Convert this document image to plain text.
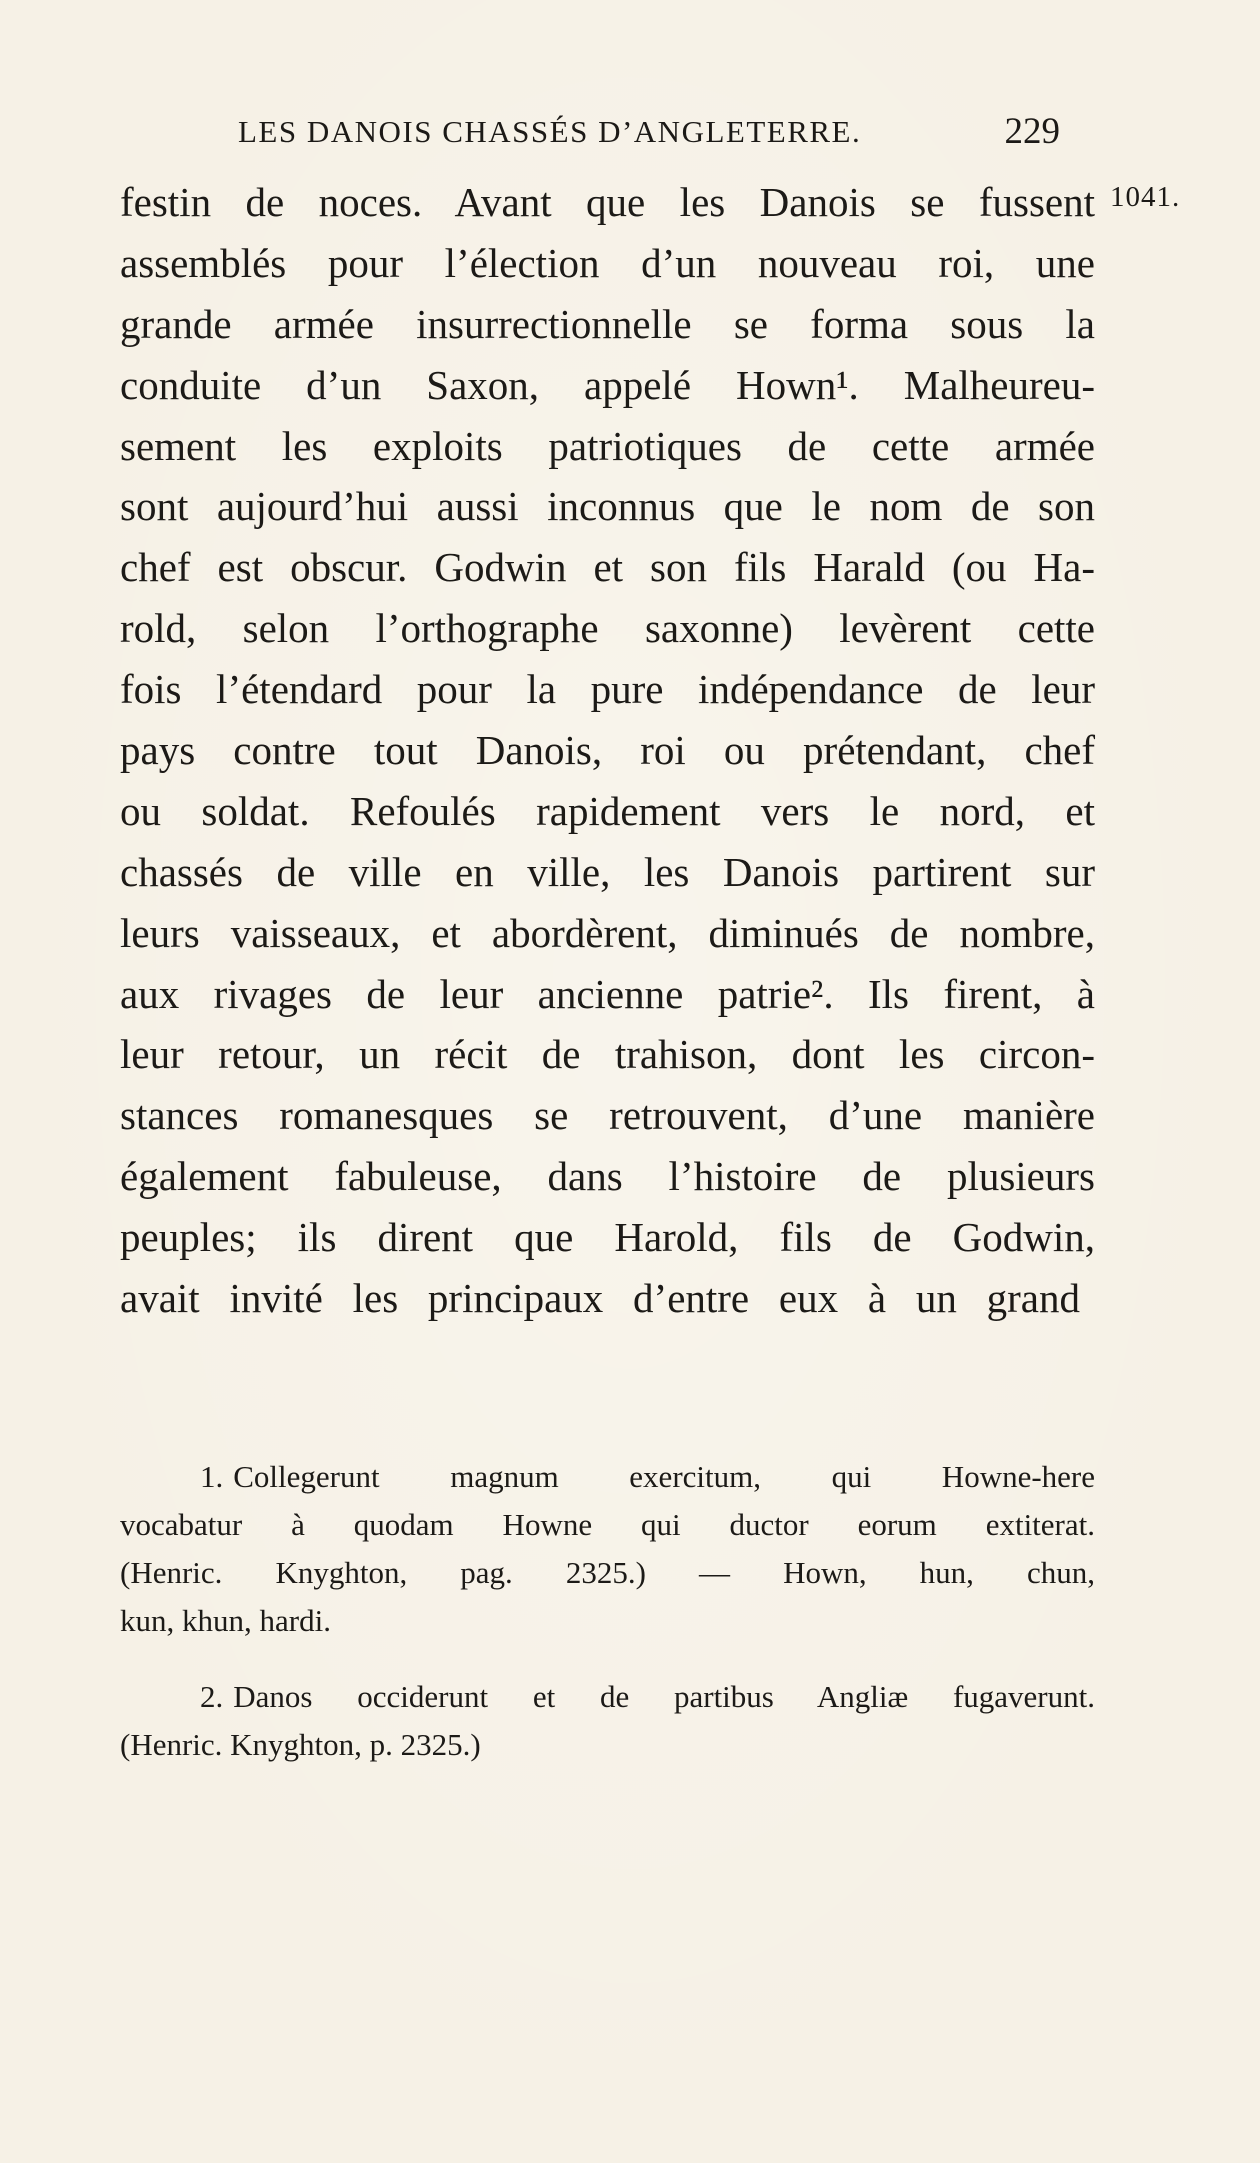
LES DANOIS CHASSÉS D’ANGLETERRE.	229
1041.
festin de noces. Avant que les Danois se fussent
assemblés pour l’élection d’un nouveau roi, une
grande armée insurrectionnelle se forma sous la
conduite d’un Saxon, appelé Hown¹. Malheureu-
sement les exploits patriotiques de cette armée
sont aujourd’hui aussi inconnus que le nom de son
chef est obscur. Godwin et son fils Harald (ou Ha-
rold, selon l’orthographe saxonne) levèrent cette
fois l’étendard pour la pure indépendance de leur
pays contre tout Danois, roi ou prétendant, chef
ou soldat. Refoulés rapidement vers le nord, et
chassés de ville en ville, les Danois partirent sur
leurs vaisseaux, et abordèrent, diminués de nombre,
aux rivages de leur ancienne patrie². Ils firent, à
leur retour, un récit de trahison, dont les circon-
stances romanesques se retrouvent, d’une manière
également fabuleuse, dans l’histoire de plusieurs
peuples; ils dirent que Harold, fils de Godwin,
avait invité les principaux d’entre eux à un grand
1. Collegerunt magnum exercitum, qui Howne-here
vocabatur à quodam Howne qui ductor eorum extiterat.
(Henric. Knyghton, pag. 2325.) — Hown, hun, chun,
kun, khun, hardi.
2. Danos occiderunt et de partibus Angliæ fugaverunt.
(Henric. Knyghton, p. 2325.)
